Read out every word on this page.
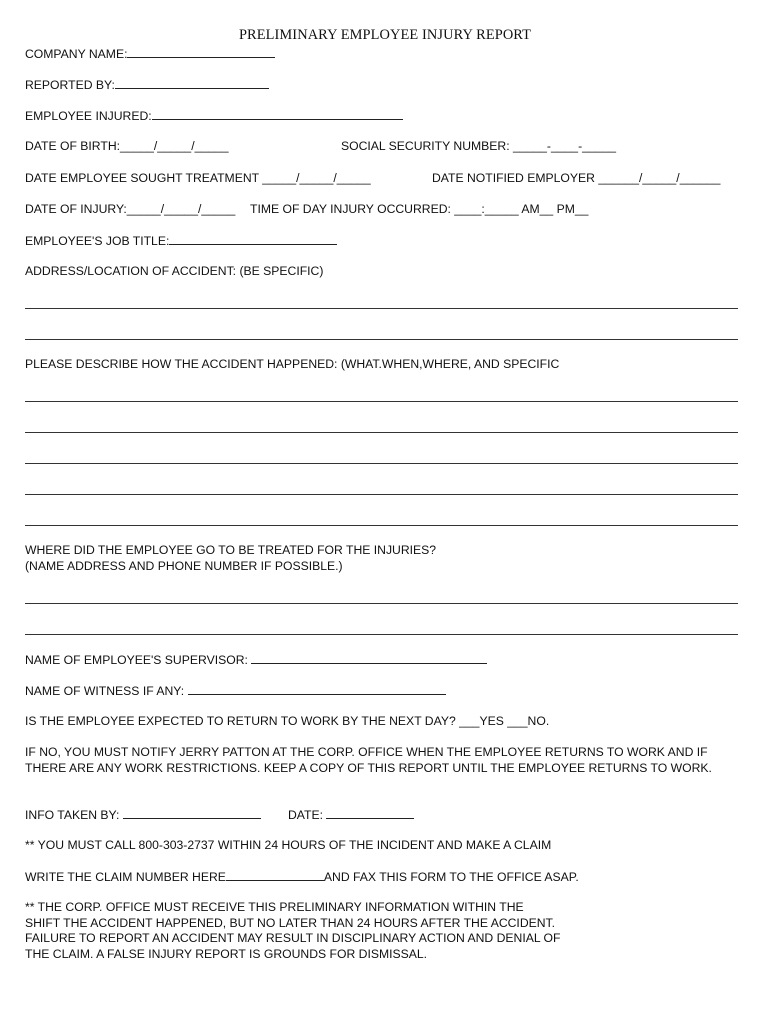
PRELIMINARY EMPLOYEE INJURY REPORT
COMPANY NAME:
REPORTED BY:
EMPLOYEE INJURED:
DATE OF BIRTH:_____/_____/_____	SOCIAL SECURITY NUMBER: _____-____-_____
DATE EMPLOYEE SOUGHT TREATMENT _____/_____/_____	DATE NOTIFIED EMPLOYER ______/_____/______
DATE OF INJURY:_____/_____/_____ TIME OF DAY INJURY OCCURRED: ____:_____ AM__ PM__
EMPLOYEE'S JOB TITLE:
ADDRESS/LOCATION OF ACCIDENT: (BE SPECIFIC)
PLEASE DESCRIBE HOW THE ACCIDENT HAPPENED: (WHAT.WHEN,WHERE, AND SPECIFIC
WHERE DID THE EMPLOYEE GO TO BE TREATED FOR THE INJURIES?
(NAME ADDRESS AND PHONE NUMBER IF POSSIBLE.)
NAME OF EMPLOYEE'S SUPERVISOR:
NAME OF WITNESS IF ANY:
IS THE EMPLOYEE EXPECTED TO RETURN TO WORK BY THE NEXT DAY? ___YES ___NO.
IF NO, YOU MUST NOTIFY JERRY PATTON AT THE CORP. OFFICE WHEN THE EMPLOYEE RETURNS TO WORK AND IF THERE ARE ANY WORK RESTRICTIONS. KEEP A COPY OF THIS REPORT UNTIL THE EMPLOYEE RETURNS TO WORK.
INFO TAKEN BY:	DATE:
** YOU MUST CALL 800-303-2737 WITHIN 24 HOURS OF THE INCIDENT AND MAKE A CLAIM
WRITE THE CLAIM NUMBER HERE	AND FAX THIS FORM TO THE OFFICE ASAP.
** THE CORP. OFFICE MUST RECEIVE THIS PRELIMINARY INFORMATION WITHIN THE
SHIFT THE ACCIDENT HAPPENED, BUT NO LATER THAN 24 HOURS AFTER THE ACCIDENT.
FAILURE TO REPORT AN ACCIDENT MAY RESULT IN DISCIPLINARY ACTION AND DENIAL OF
THE CLAIM. A FALSE INJURY REPORT IS GROUNDS FOR DISMISSAL.
